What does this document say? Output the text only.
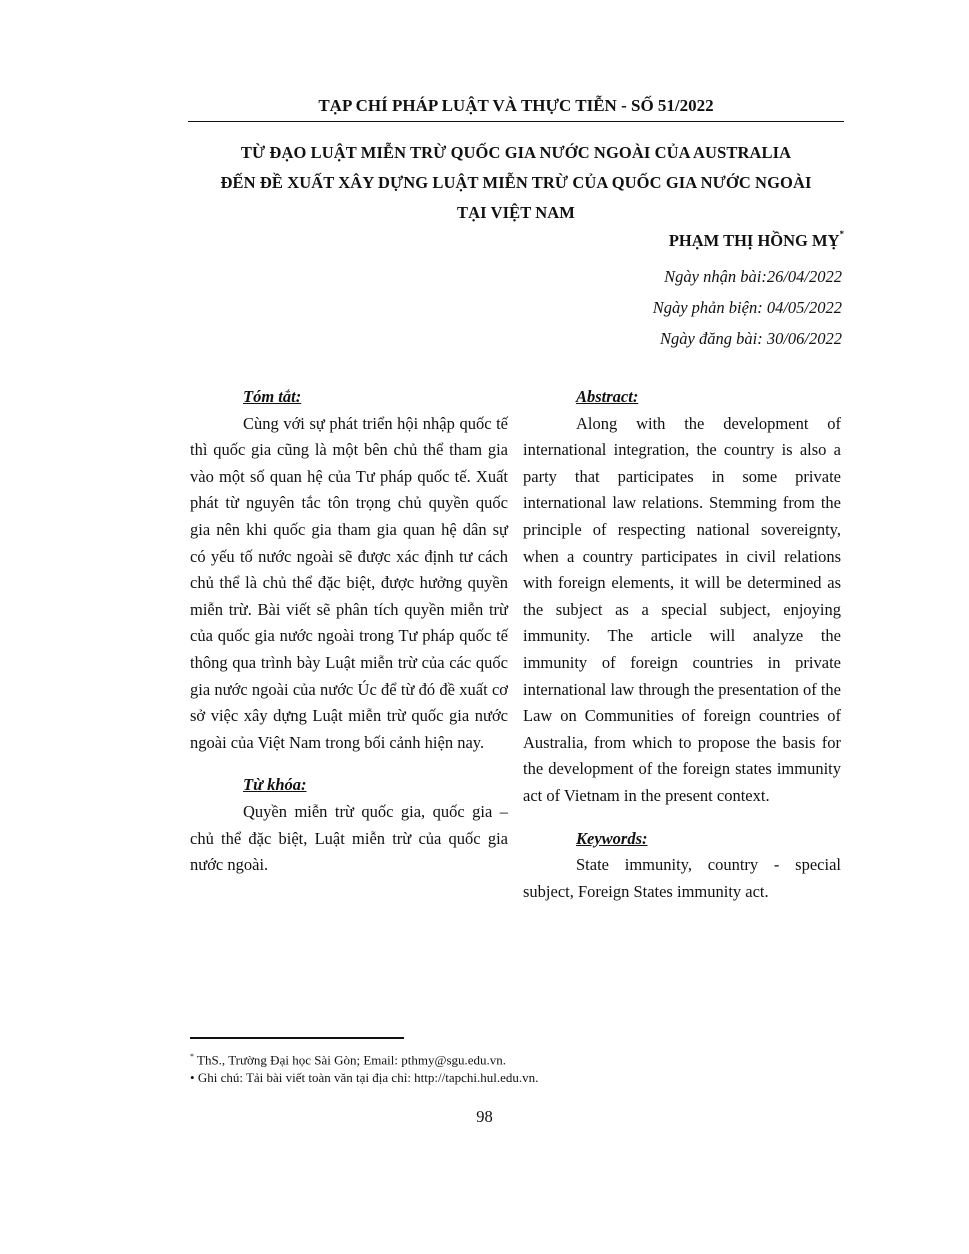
TẠP CHÍ PHÁP LUẬT VÀ THỰC TIỄN - SỐ 51/2022
TỪ ĐẠO LUẬT MIỄN TRỪ QUỐC GIA NƯỚC NGOÀI CỦA AUSTRALIA
ĐẾN ĐỀ XUẤT XÂY DỰNG LUẬT MIỄN TRỪ CỦA QUỐC GIA NƯỚC NGOÀI
TẠI VIỆT NAM
PHẠM THỊ HỒNG MỴ*
Ngày nhận bài:26/04/2022
Ngày phản biện: 04/05/2022
Ngày đăng bài: 30/06/2022
Tóm tắt:

Cùng với sự phát triển hội nhập quốc tế thì quốc gia cũng là một bên chủ thể tham gia vào một số quan hệ của Tư pháp quốc tế. Xuất phát từ nguyên tắc tôn trọng chủ quyền quốc gia nên khi quốc gia tham gia quan hệ dân sự có yếu tố nước ngoài sẽ được xác định tư cách chủ thể là chủ thể đặc biệt, được hưởng quyền miễn trừ. Bài viết sẽ phân tích quyền miễn trừ của quốc gia nước ngoài trong Tư pháp quốc tế thông qua trình bày Luật miễn trừ của các quốc gia nước ngoài của nước Úc để từ đó đề xuất cơ sở việc xây dựng Luật miễn trừ quốc gia nước ngoài của Việt Nam trong bối cảnh hiện nay.

Từ khóa:

Quyền miễn trừ quốc gia, quốc gia – chủ thể đặc biệt, Luật miễn trừ của quốc gia nước ngoài.

Abstract:

Along with the development of international integration, the country is also a party that participates in some private international law relations. Stemming from the principle of respecting national sovereignty, when a country participates in civil relations with foreign elements, it will be determined as the subject as a special subject, enjoying immunity. The article will analyze the immunity of foreign countries in private international law through the presentation of the Law on Communities of foreign countries of Australia, from which to propose the basis for the development of the foreign states immunity act of Vietnam in the present context.

Keywords:

State immunity, country - special subject, Foreign States immunity act.

* ThS., Trường Đại học Sài Gòn; Email: pthmy@sgu.edu.vn.
• Ghi chú: Tải bài viết toàn văn tại địa chỉ: http://tapchi.hul.edu.vn.
98
